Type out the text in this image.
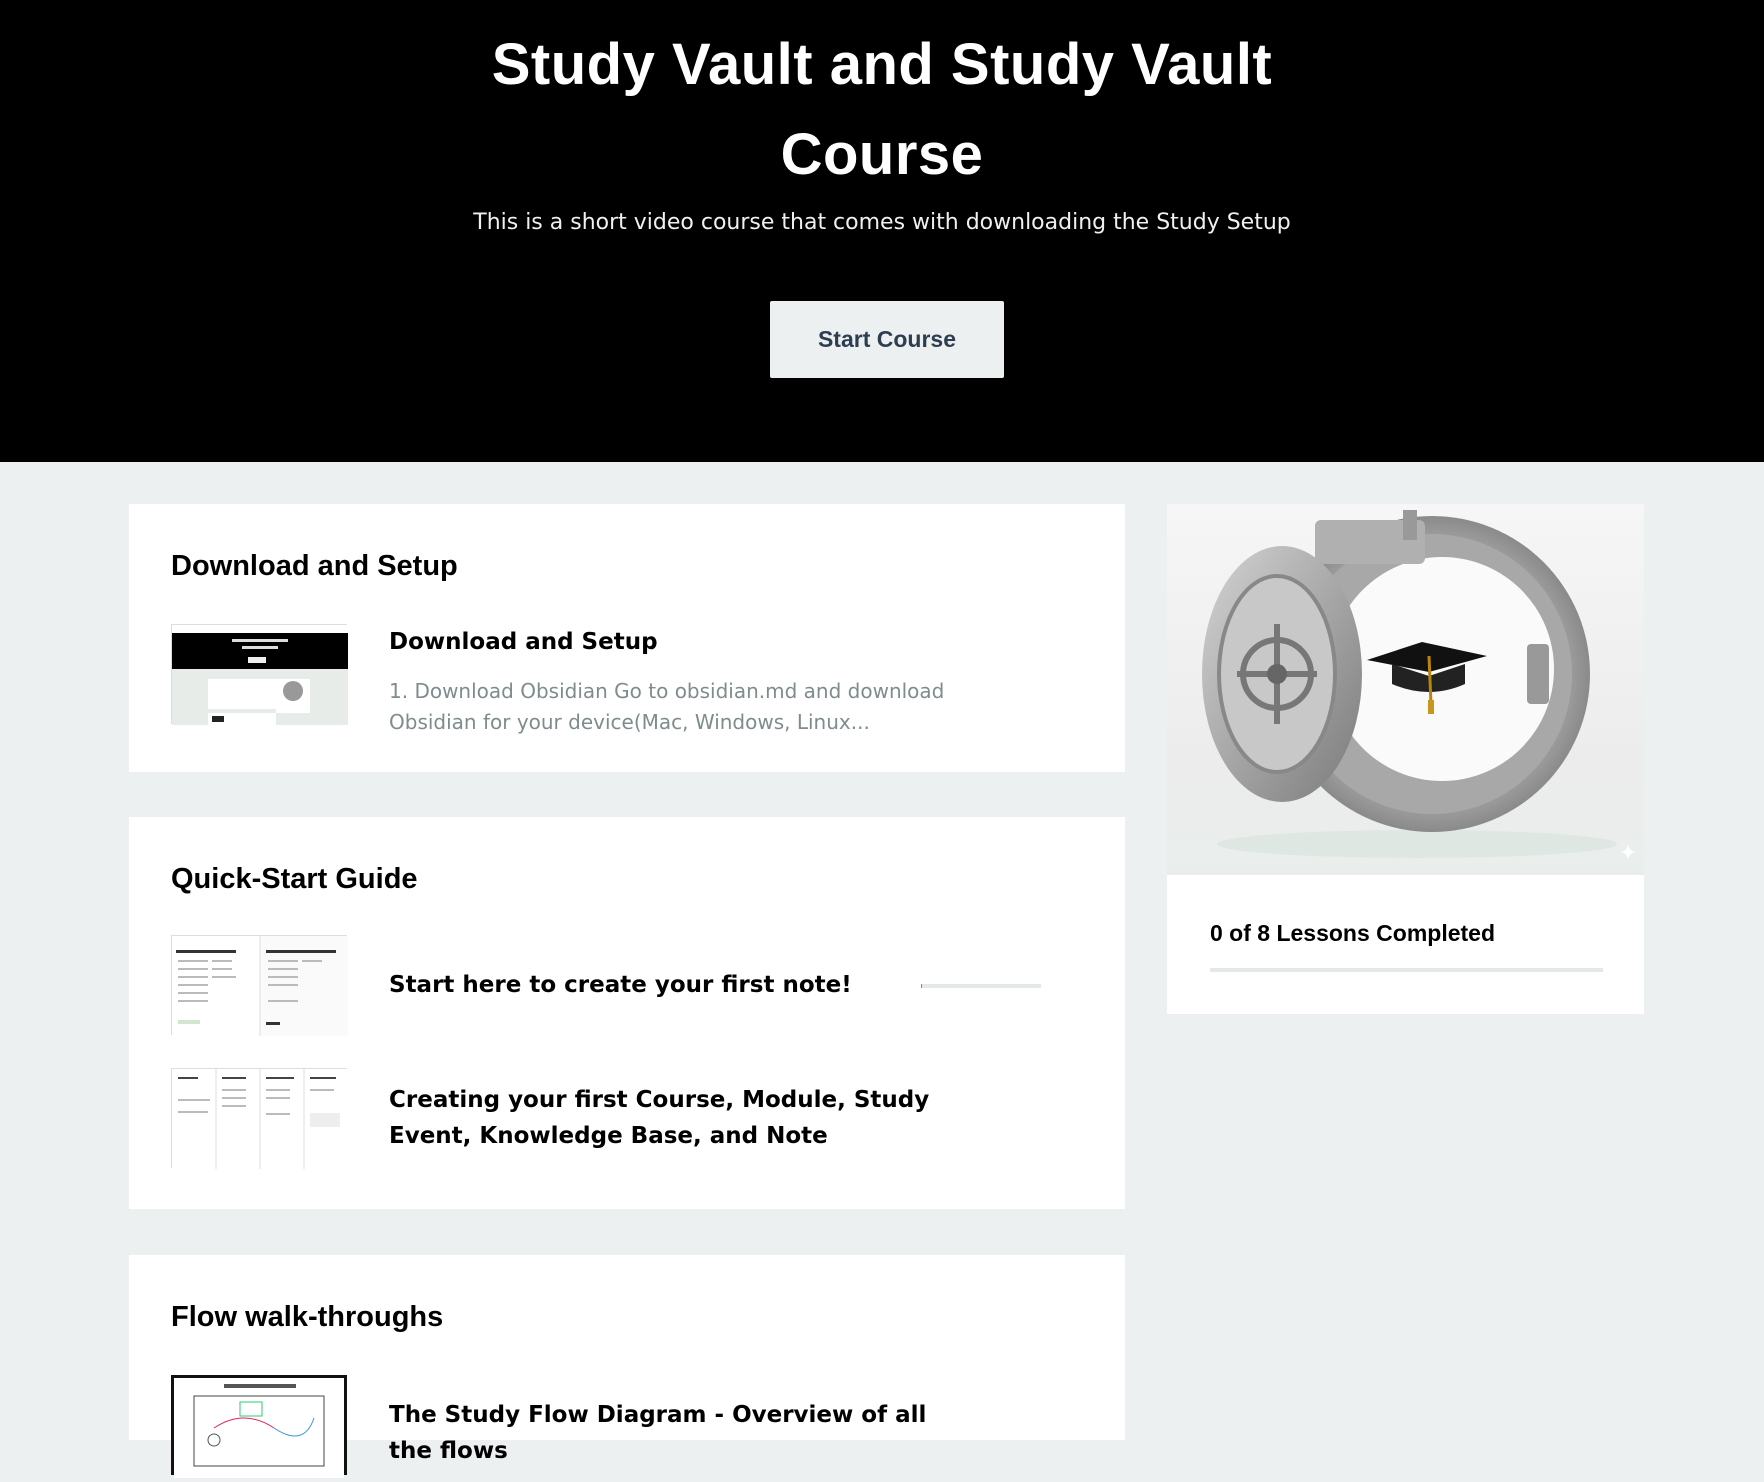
Study Vault and Study Vault
Course

This is a short video course that comes with downloading the Study Setup

Start Course
Download and Setup
Download and Setup
1. Download Obsidian Go to obsidian.md and download Obsidian for your device(Mac, Windows, Linux...
Quick-Start Guide
Start here to create your first note!
Creating your first Course, Module, Study Event, Knowledge Base, and Note
Flow walk-throughs
The Study Flow Diagram - Overview of all the flows
✦
0 of 8 Lessons Completed
